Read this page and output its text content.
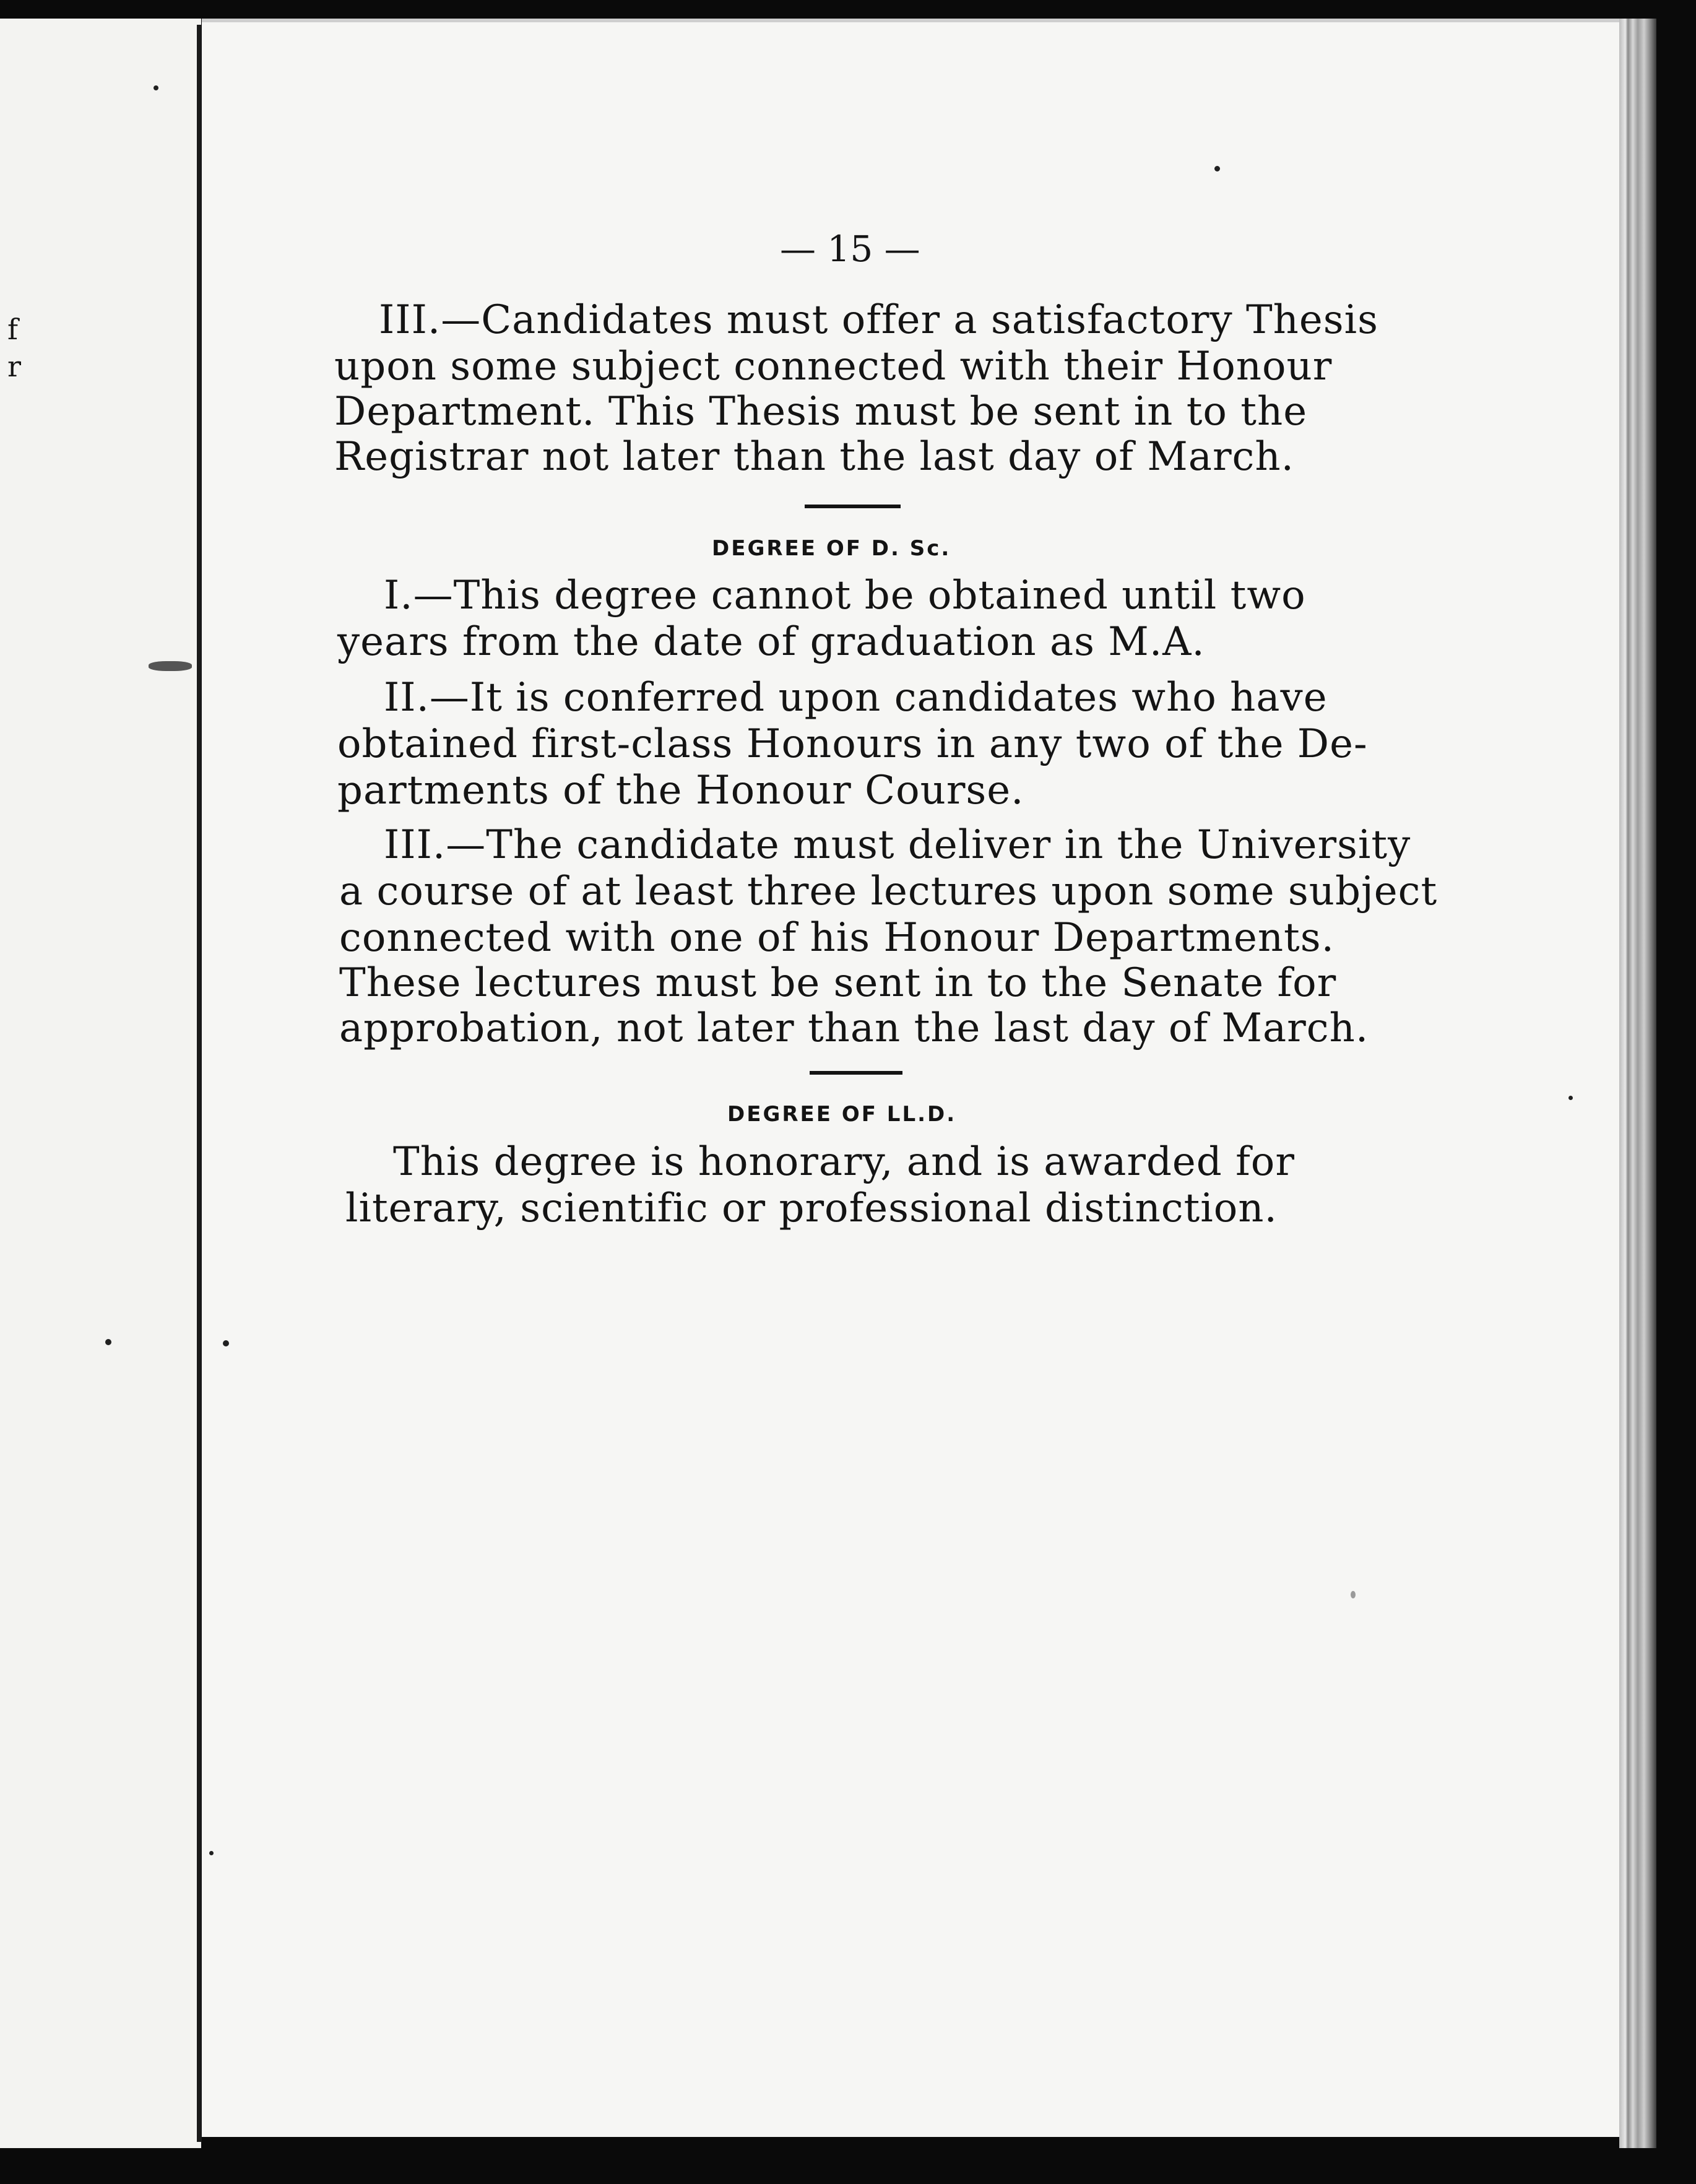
f
r
— 15 —
III.—Candidates must offer a satisfactory Thesis
upon some subject connected with their Honour
Department. This Thesis must be sent in to the
Registrar not later than the last day of March.
DEGREE OF D. Sc.
I.—This degree cannot be obtained until two
years from the date of graduation as M.A.
II.—It is conferred upon candidates who have
obtained first-class Honours in any two of the De-
partments of the Honour Course.
III.—The candidate must deliver in the University
a course of at least three lectures upon some subject
connected with one of his Honour Departments.
These lectures must be sent in to the Senate for
approbation, not later than the last day of March.
DEGREE OF LL.D.
This degree is honorary, and is awarded for
literary, scientific or professional distinction.
